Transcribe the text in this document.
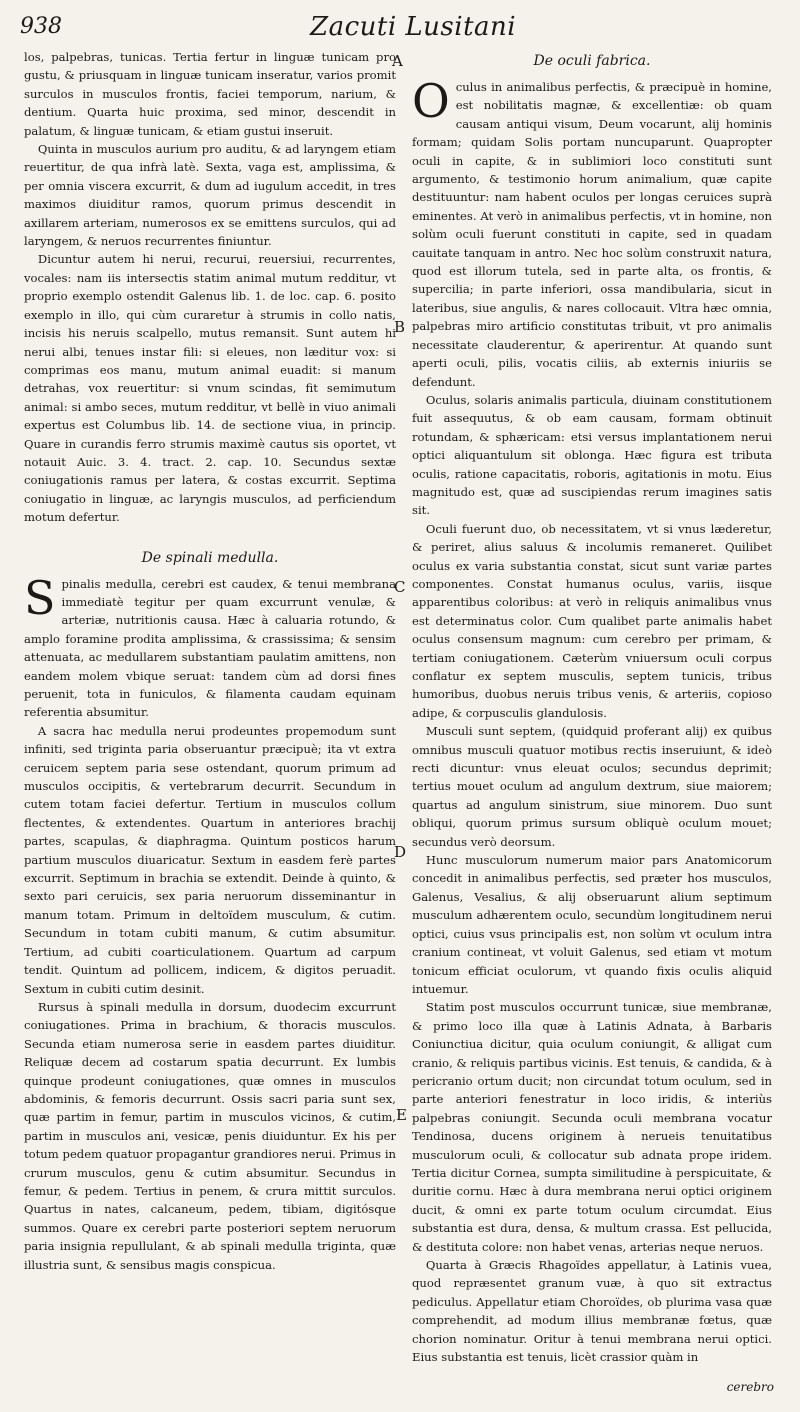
938	Zacuti Lusitani

los, palpebras, tunicas. Tertia fertur in linguæ tunicam pro gustu, & priusquam in linguæ tunicam inseratur, varios promit surculos in musculos frontis, faciei temporum, narium, & dentium. Quarta huic proxima, sed minor, descendit in palatum, & linguæ tunicam, & etiam gustui inseruit.

Quinta in musculos aurium pro auditu, & ad laryngem etiam reuertitur, de qua infrà latè. Sexta, vaga est, amplissima, & per omnia viscera excurrit, & dum ad iugulum accedit, in tres maximos diuiditur ramos, quorum primus descendit in axillarem arteriam, numerosos ex se emittens surculos, qui ad laryngem, & neruos recurrentes finiuntur.

Dicuntur autem hi nerui, recurui, reuersiui, recurrentes, vocales: nam iis intersectis statim animal mutum redditur, vt proprio exemplo ostendit Galenus lib. 1. de loc. cap. 6. posito exemplo in illo, qui cùm curaretur à strumis in collo natis, incisis his neruis scalpello, mutus remansit. Sunt autem hi nerui albi, tenues instar fili: si eleues, non læditur vox: si comprimas eos manu, mutum animal euadit: si manum detrahas, vox reuertitur: si vnum scindas, fit semimutum animal: si ambo seces, mutum redditur, vt bellè in viuo animali expertus est Columbus lib. 14. de sectione viua, in princip. Quare in curandis ferro strumis maximè cautus sis oportet, vt notauit Auic. 3. 4. tract. 2. cap. 10. Secundus sextæ coniugationis ramus per latera, & costas excurrit. Septima coniugatio in linguæ, ac laryngis musculos, ad perficiendum motum defertur.

De spinali medulla.

Spinalis medulla, cerebri est caudex, & tenui membrana immediatè tegitur per quam excurrunt venulæ, & arteriæ, nutritionis causa. Hæc à caluaria rotundo, & amplo foramine prodita amplissima, & crassissima; & sensim attenuata, ac medullarem substantiam paulatim amittens, non eandem molem vbique seruat: tandem cùm ad dorsi fines peruenit, tota in funiculos, & filamenta caudam equinam referentia absumitur.

A sacra hac medulla nerui prodeuntes propemodum sunt infiniti, sed triginta paria obseruantur præcipuè; ita vt extra ceruicem septem paria sese ostendant, quorum primum ad musculos occipitis, & vertebrarum decurrit. Secundum in cutem totam faciei defertur. Tertium in musculos collum flectentes, & extendentes. Quartum in anteriores brachij partes, scapulas, & diaphragma. Quintum posticos harum partium musculos diuaricatur. Sextum in easdem ferè partes excurrit. Septimum in brachia se extendit. Deinde à quinto, & sexto pari ceruicis, sex paria neruorum disseminantur in manum totam. Primum in deltoïdem musculum, & cutim. Secundum in totam cubiti manum, & cutim absumitur. Tertium, ad cubiti coarticulationem. Quartum ad carpum tendit. Quintum ad pollicem, indicem, & digitos peruadit. Sextum in cubiti cutim desinit.

Rursus à spinali medulla in dorsum, duodecim excurrunt coniugationes. Prima in brachium, & thoracis musculos. Secunda etiam numerosa serie in easdem partes diuiditur. Reliquæ decem ad costarum spatia decurrunt. Ex lumbis quinque prodeunt coniugationes, quæ omnes in musculos abdominis, & femoris decurrunt. Ossis sacri paria sunt sex, quæ partim in femur, partim in musculos vicinos, & cutim, partim in musculos ani, vesicæ, penis diuiduntur. Ex his per totum pedem quatuor propagantur grandiores nerui. Primus in crurum musculos, genu & cutim absumitur. Secundus in femur, & pedem. Tertius in penem, & crura mittit surculos. Quartus in nates, calcaneum, pedem, tibiam, digitósque summos. Quare ex cerebri parte posteriori septem neruorum paria insignia repullulant, & ab spinali medulla triginta, quæ illustria sunt, & sensibus magis conspicua.

De oculi fabrica.

Oculus in animalibus perfectis, & præcipuè in homine, est nobilitatis magnæ, & excellentiæ: ob quam causam antiqui visum, Deum vocarunt, alij hominis formam; quidam Solis portam nuncuparunt. Quapropter oculi in capite, & in sublimiori loco constituti sunt argumento, & testimonio horum animalium, quæ capite destituuntur: nam habent oculos per longas ceruices suprà eminentes. At verò in animalibus perfectis, vt in homine, non solùm oculi fuerunt constituti in capite, sed in quadam cauitate tanquam in antro. Nec hoc solùm construxit natura, quod est illorum tutela, sed in parte alta, os frontis, & supercilia; in parte inferiori, ossa mandibularia, sicut in lateribus, siue angulis, & nares collocauit. Vltra hæc omnia, palpebras miro artificio constitutas tribuit, vt pro animalis necessitate clauderentur, & aperirentur. At quando sunt aperti oculi, pilis, vocatis ciliis, ab externis iniuriis se defendunt.

Oculus, solaris animalis particula, diuinam constitutionem fuit assequutus, & ob eam causam, formam obtinuit rotundam, & sphæricam: etsi versus implantationem nerui optici aliquantulum sit oblonga. Hæc figura est tributa oculis, ratione capacitatis, roboris, agitationis in motu. Eius magnitudo est, quæ ad suscipiendas rerum imagines satis sit.

Oculi fuerunt duo, ob necessitatem, vt si vnus læderetur, & periret, alius saluus & incolumis remaneret. Quilibet oculus ex varia substantia constat, sicut sunt variæ partes componentes. Constat humanus oculus, variis, iisque apparentibus coloribus: at verò in reliquis animalibus vnus est determinatus color. Cum qualibet parte animalis habet oculus consensum magnum: cum cerebro per primam, & tertiam coniugationem. Cæterùm vniuersum oculi corpus conflatur ex septem musculis, septem tunicis, tribus humoribus, duobus neruis tribus venis, & arteriis, copioso adipe, & corpusculis glandulosis.

Musculi sunt septem, (quidquid proferant alij) ex quibus omnibus musculi quatuor motibus rectis inseruiunt, & ideò recti dicuntur: vnus eleuat oculos; secundus deprimit; tertius mouet oculum ad angulum dextrum, siue maiorem; quartus ad angulum sinistrum, siue minorem. Duo sunt obliqui, quorum primus sursum obliquè oculum mouet; secundus verò deorsum.

Hunc musculorum numerum maior pars Anatomicorum concedit in animalibus perfectis, sed præter hos musculos, Galenus, Vesalius, & alij obseruarunt alium septimum musculum adhærentem oculo, secundùm longitudinem nerui optici, cuius vsus principalis est, non solùm vt oculum intra cranium contineat, vt voluit Galenus, sed etiam vt motum tonicum efficiat oculorum, vt quando fixis oculis aliquid intuemur.

Statim post musculos occurrunt tunicæ, siue membranæ, & primo loco illa quæ à Latinis Adnata, à Barbaris Coniunctiua dicitur, quia oculum coniungit, & alligat cum cranio, & reliquis partibus vicinis. Est tenuis, & candida, & à pericranio ortum ducit; non circundat totum oculum, sed in parte anteriori fenestratur in loco iridis, & interiùs palpebras coniungit. Secunda oculi membrana vocatur Tendinosa, ducens originem à nerueis tenuitatibus musculorum oculi, & collocatur sub adnata prope iridem. Tertia dicitur Cornea, sumpta similitudine à perspicuitate, & duritie cornu. Hæc à dura membrana nerui optici originem ducit, & omni ex parte totum oculum circumdat. Eius substantia est dura, densa, & multum crassa. Est pellucida, & destituta colore: non habet venas, arterias neque neruos.

Quarta à Græcis Rhagoïdes appellatur, à Latinis vuea, quod repræsentet granum vuæ, à quo sit extractus pediculus. Appellatur etiam Choroïdes, ob plurima vasa quæ comprehendit, ad modum illius membranæ fœtus, quæ chorion nominatur. Oritur à tenui membrana nerui optici. Eius substantia est tenuis, licèt crassior quàm in

A
B
C
D
E
cerebro
